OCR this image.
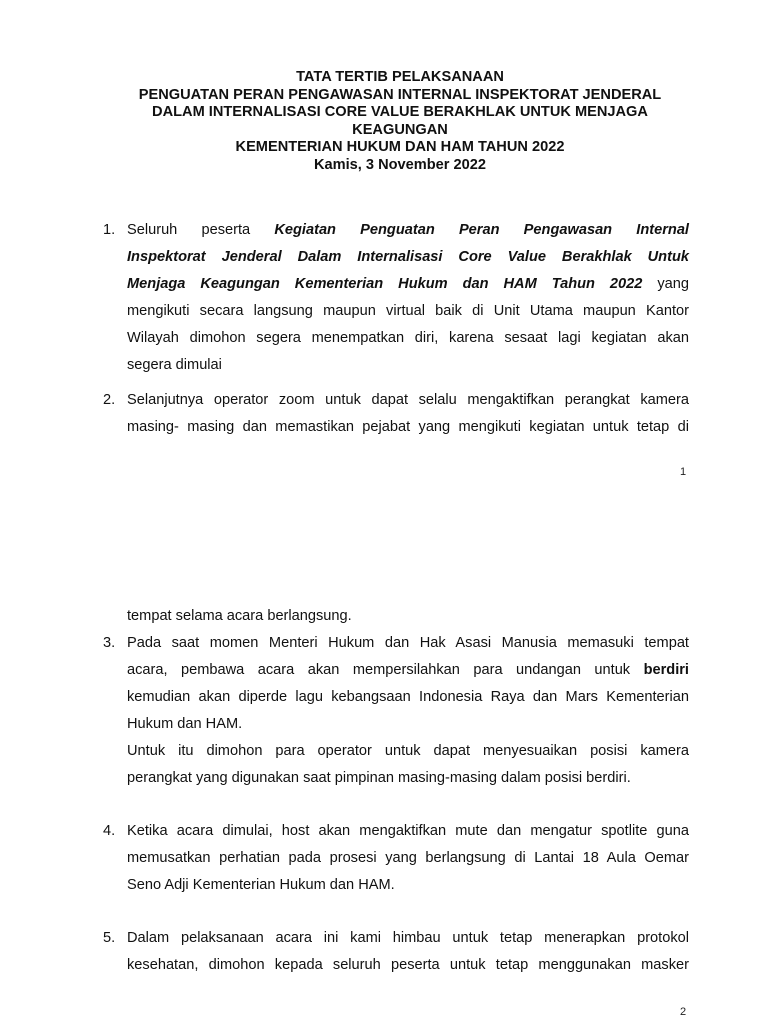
TATA TERTIB PELAKSANAAN
PENGUATAN PERAN PENGAWASAN INTERNAL INSPEKTORAT JENDERAL
DALAM INTERNALISASI CORE VALUE BERAKHLAK UNTUK MENJAGA
KEAGUNGAN
KEMENTERIAN HUKUM DAN HAM TAHUN 2022
Kamis, 3 November 2022
1. Seluruh peserta Kegiatan Penguatan Peran Pengawasan Internal
Inspektorat Jenderal Dalam Internalisasi Core Value Berakhlak Untuk
Menjaga Keagungan Kementerian Hukum dan HAM Tahun 2022 yang
mengikuti secara langsung maupun virtual baik di Unit Utama maupun Kantor
Wilayah dimohon segera menempatkan diri, karena sesaat lagi kegiatan akan
segera dimulai
2. Selanjutnya operator zoom untuk dapat selalu mengaktifkan perangkat kamera
masing- masing dan memastikan pejabat yang mengikuti kegiatan untuk tetap di
1
tempat selama acara berlangsung.
3. Pada saat momen Menteri Hukum dan Hak Asasi Manusia memasuki tempat
acara, pembawa acara akan mempersilahkan para undangan untuk berdiri
kemudian akan diperde lagu kebangsaan Indonesia Raya dan Mars Kementerian
Hukum dan HAM.
Untuk itu dimohon para operator untuk dapat menyesuaikan posisi kamera
perangkat yang digunakan saat pimpinan masing-masing dalam posisi berdiri.
4. Ketika acara dimulai, host akan mengaktifkan mute dan mengatur spotlite guna
memusatkan perhatian pada prosesi yang berlangsung di Lantai 18 Aula Oemar
Seno Adji Kementerian Hukum dan HAM.
5. Dalam pelaksanaan acara ini kami himbau untuk tetap menerapkan protokol
kesehatan, dimohon kepada seluruh peserta untuk tetap menggunakan masker
2
